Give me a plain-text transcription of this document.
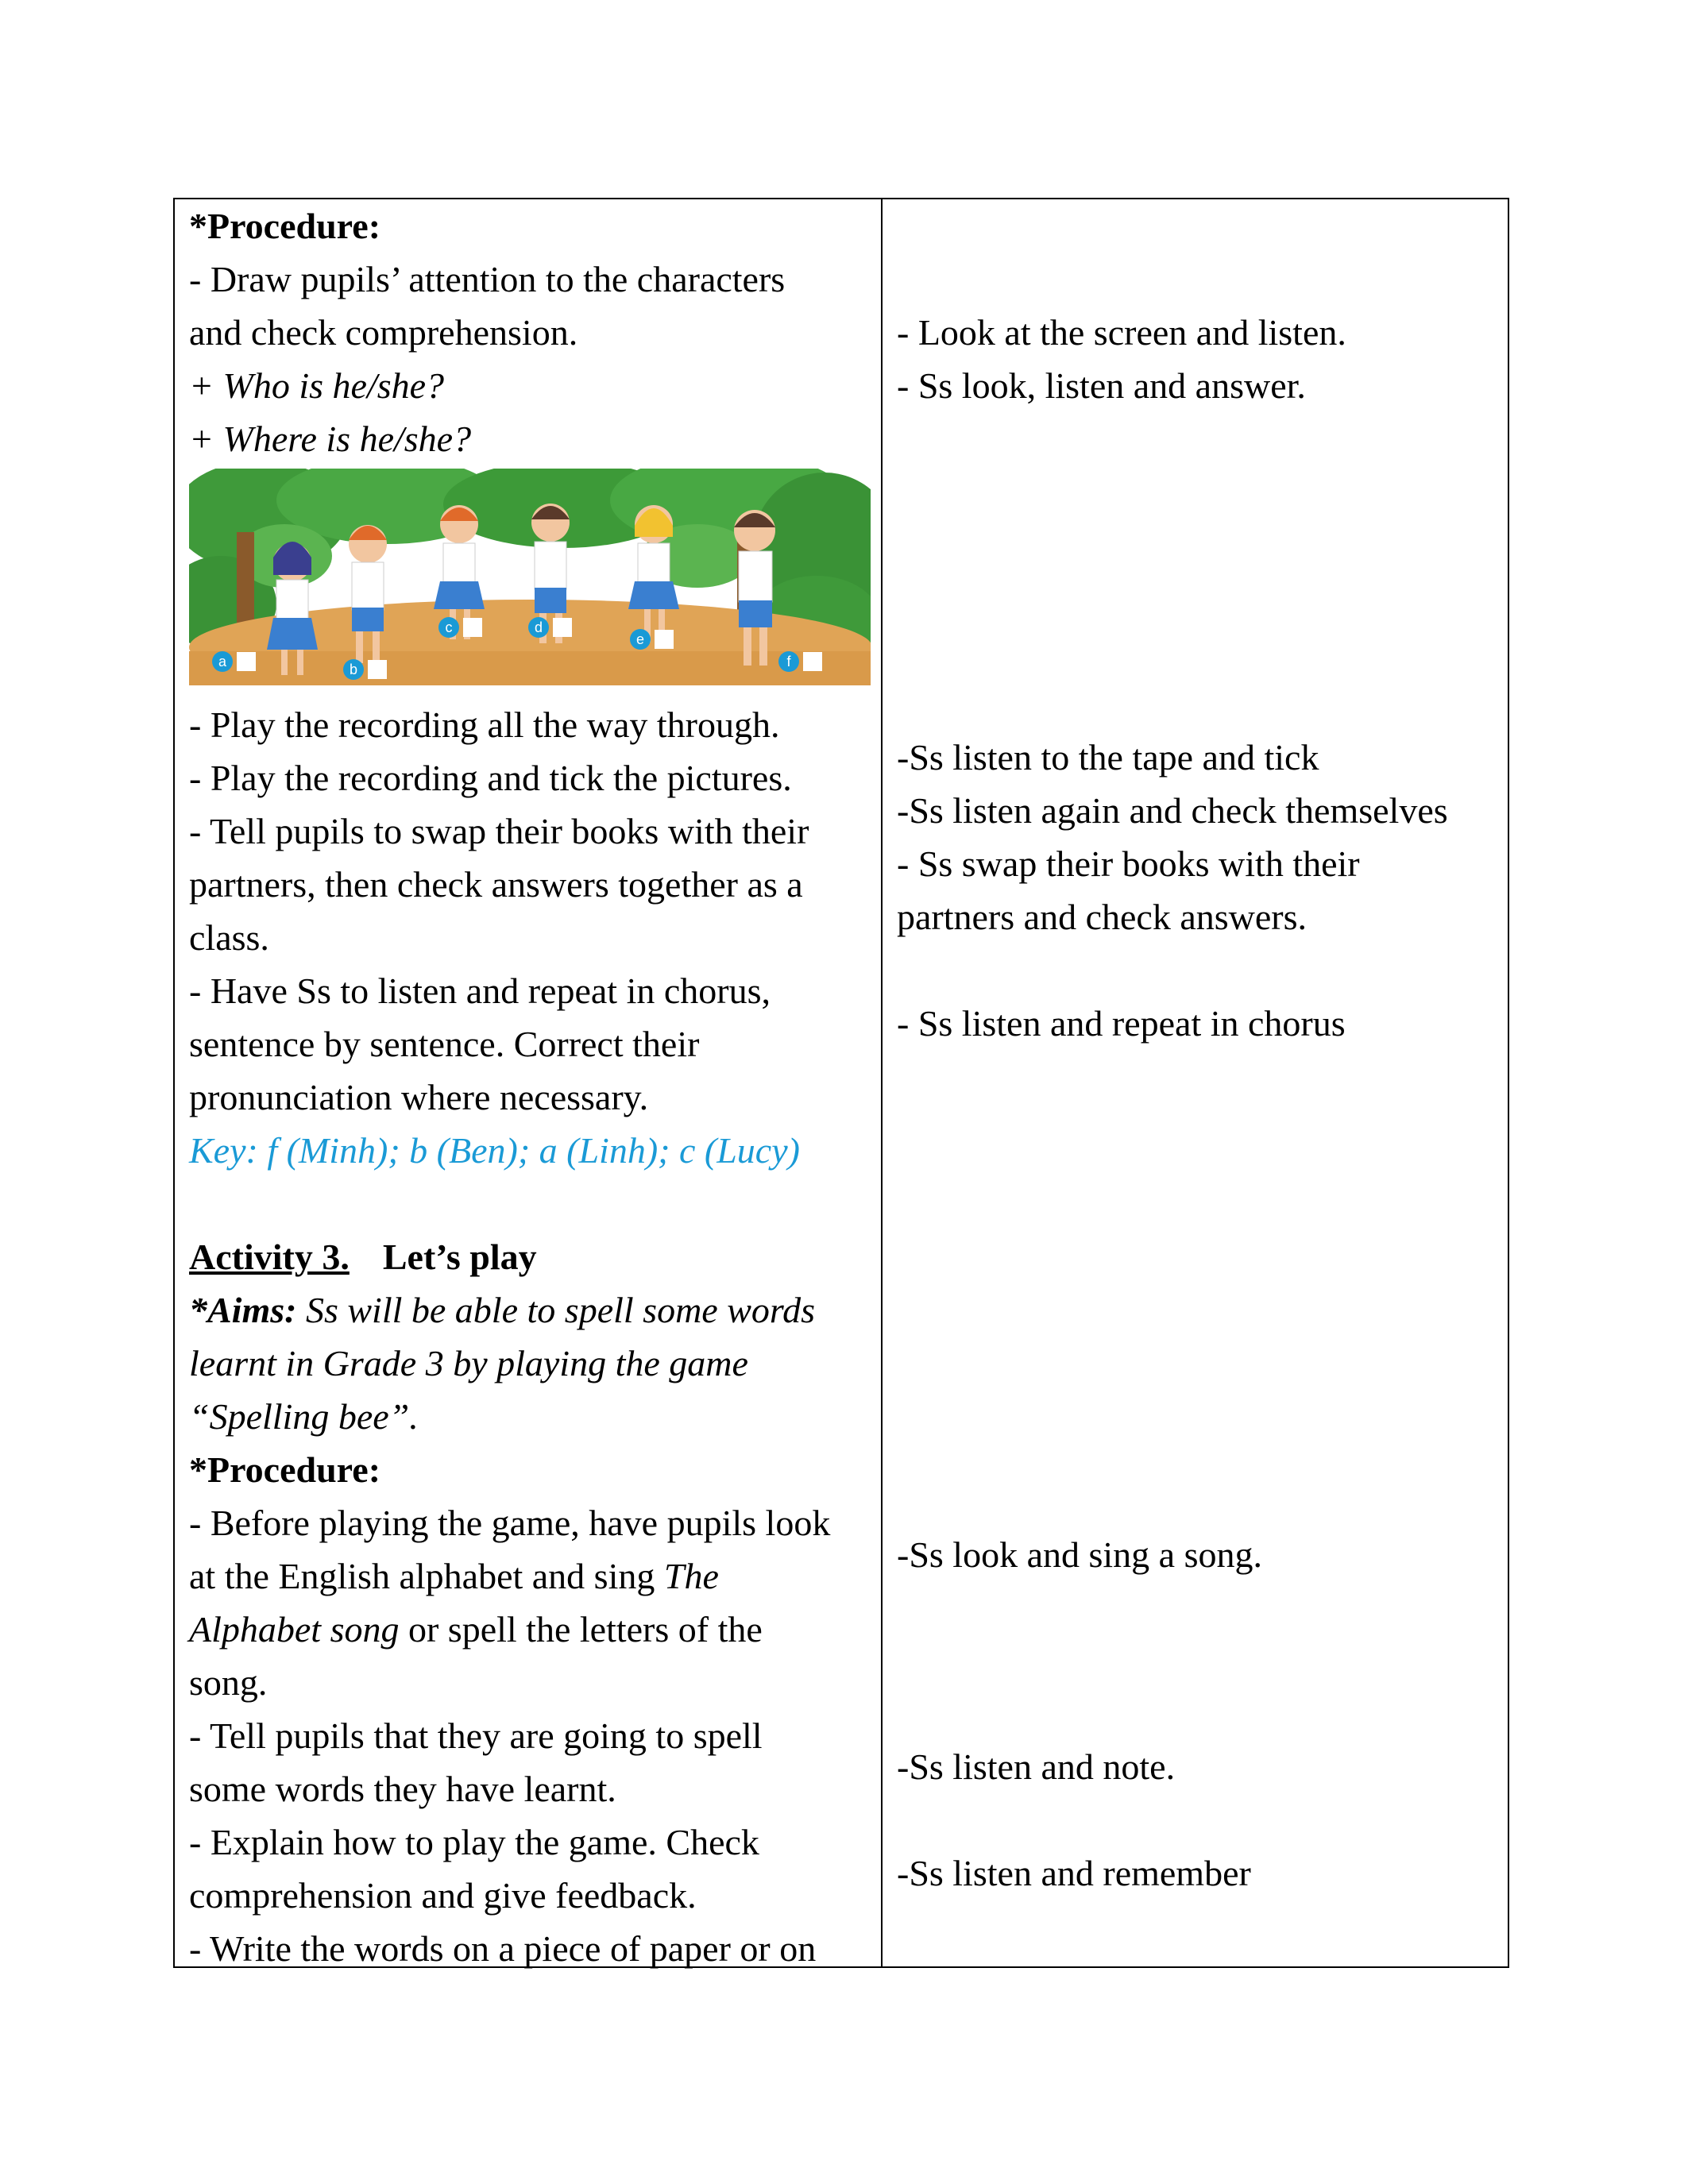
*Procedure:
- Draw pupils’ attention to the characters
and check comprehension.
+ Who is he/she?
+ Where is he/she?
a	b
c	d
e
f
- Play the recording all the way through.
- Play the recording and tick the pictures.
- Tell pupils to swap their books with their
partners, then check answers together as a
class.
- Have Ss to listen and repeat in chorus,
sentence by sentence. Correct their
pronunciation where necessary.
Key: f (Minh); b (Ben); a (Linh); c (Lucy)
Activity 3. Let’s play
*Aims: Ss will be able to spell some words
learnt in Grade 3 by playing the game
“Spelling bee”.
*Procedure:
- Before playing the game, have pupils look
at the English alphabet and sing The
Alphabet song or spell the letters of the
song.
- Tell pupils that they are going to spell
some words they have learnt.
- Explain how to play the game. Check
comprehension and give feedback.
- Write the words on a piece of paper or on
- Look at the screen and listen.
- Ss look, listen and answer.
-Ss listen to the tape and tick
-Ss listen again and check themselves
- Ss swap their books with their
partners and check answers.
- Ss listen and repeat in chorus
-Ss look and sing a song.
-Ss listen and note.
-Ss listen and remember
